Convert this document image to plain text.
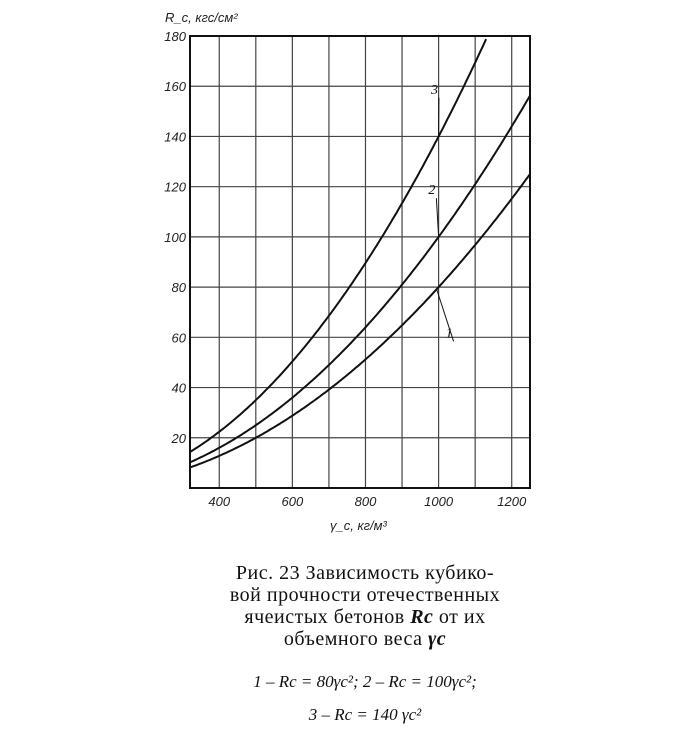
400	600	800	1000	1200
20
40
60
80
100
120
140
160
180
R_c, кгс/см²
γ_c, кг/м³
1
2
3
Рис. 23 Зависимость кубико-
вой прочности отечественных
ячеистых бетонов Rc от их
объемного веса γc
1 – Rc = 80γc²; 2 – Rc = 100γc²;
3 – Rc = 140 γc²
